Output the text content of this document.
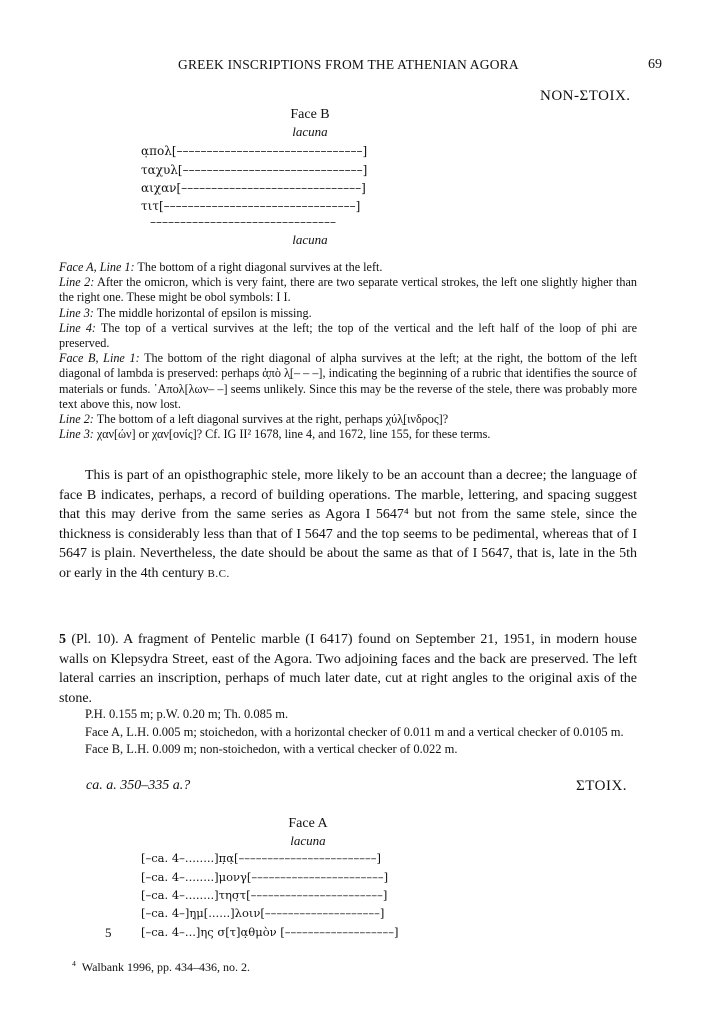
GREEK INSCRIPTIONS FROM THE ATHENIAN AGORA	69
NON-ΣΤΟΙΧ.
Face B
lacuna
α̣πολ[–––––––––––––––––––––––––––––––]
ταχυλ[––––––––––––––––––––––––––––––]
αιχαν[––––––––––––––––––––––––––––––]
τιτ[––––––––––––––––––––––––––––––––]
–––––––––––––––––––––––––––––––
lacuna

Face A, Line 1: The bottom of a right diagonal survives at the left.

Line 2: After the omicron, which is very faint, there are two separate vertical strokes, the left one slightly higher than the right one. These might be obol symbols: I I.

Line 3: The middle horizontal of epsilon is missing.

Line 4: The top of a vertical survives at the left; the top of the vertical and the left half of the loop of phi are preserved.

Face B, Line 1: The bottom of the right diagonal of alpha survives at the left; at the right, the bottom of the left diagonal of lambda is preserved: perhaps ἀ̣πὸ λ̣[– – –], indicating the beginning of a rubric that identifies the source of materials or funds. ᾿Απολ[λων– –] seems unlikely. Since this may be the reverse of the stele, there was probably more text above this, now lost.

Line 2: The bottom of a left diagonal survives at the right, perhaps χύλ̣[ινδρος]?

Line 3: χαν[ών] or χαν[ονίς]? Cf. IG II² 1678, line 4, and 1672, line 155, for these terms.

This is part of an opisthographic stele, more likely to be an account than a decree; the language of face B indicates, perhaps, a record of building operations. The marble, lettering, and spacing suggest that this may derive from the same series as Agora I 5647⁴ but not from the same stele, since the thickness is considerably less than that of I 5647 and the top seems to be pedimental, whereas that of I 5647 is plain. Nevertheless, the date should be about the same as that of I 5647, that is, late in the 5th or early in the 4th century B.C.

5 (Pl. 10). A fragment of Pentelic marble (I 6417) found on September 21, 1951, in modern house walls on Klepsydra Street, east of the Agora. Two adjoining faces and the back are preserved. The left lateral carries an inscription, perhaps of much later date, cut at right angles to the original axis of the stone.

P.H. 0.155 m; p.W. 0.20 m; Th. 0.085 m.

Face A, L.H. 0.005 m; stoichedon, with a horizontal checker of 0.011 m and a vertical checker of 0.0105 m.

Face B, L.H. 0.009 m; non-stoichedon, with a vertical checker of 0.022 m.

ca. a. 350–335 a.?	ΣΤΟΙΧ.
Face A
lacuna
[–ca. 4–........]π̣α̣[––––––––––––––––––––––––]
[–ca. 4–........]μονγ[–––––––––––––––––––––––]
[–ca. 4–........]τησ̣τ[–––––––––––––––––––––––]
[–ca. 4–]η̣μ[......]λοιν[––––––––––––––––––––]
5	[–ca. 4–...]ης σ[τ]α̣θμὸν [–––––––––––––––––––]
$^4$ Walbank 1996, pp. 434–436, no. 2.
